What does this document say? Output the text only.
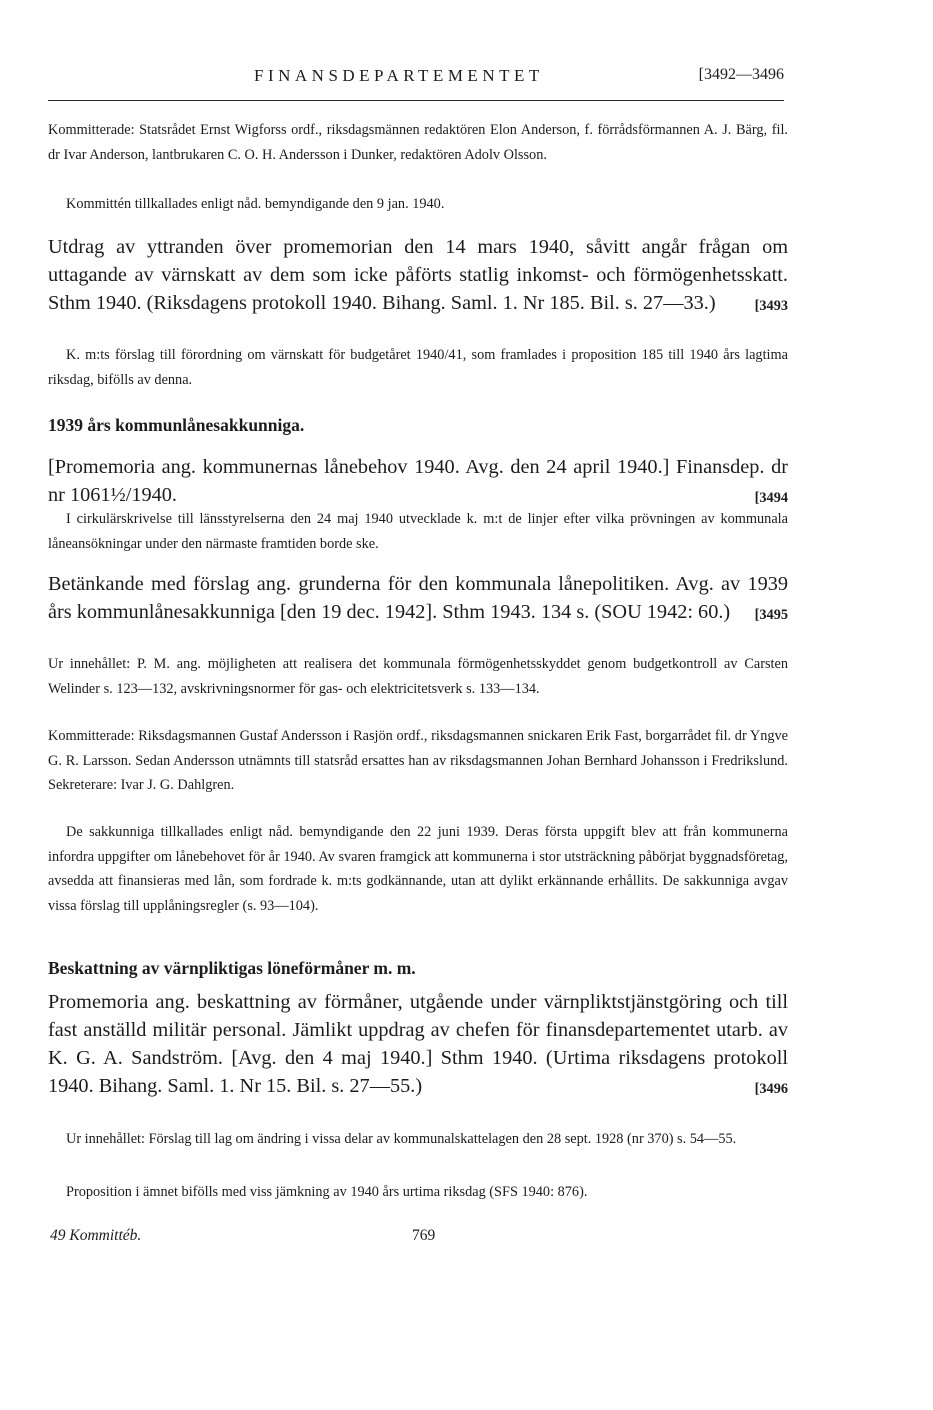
FINANSDEPARTEMENTET	[3492—3496

Kommitterade: Statsrådet Ernst Wigforss ordf., riksdagsmännen redaktören Elon Anderson, f. förrådsförmannen A. J. Bärg, fil. dr Ivar Anderson, lantbrukaren C. O. H. Andersson i Dunker, redaktören Adolv Olsson.

Kommittén tillkallades enligt nåd. bemyndigande den 9 jan. 1940.

Utdrag av yttranden över promemorian den 14 mars 1940, såvitt angår frågan om uttagande av värnskatt av dem som icke påförts statlig inkomst- och förmögenhetsskatt. Sthm 1940. (Riksdagens protokoll 1940. Bihang. Saml. 1. Nr 185. Bil. s. 27—33.)	[3493

K. m:ts förslag till förordning om värnskatt för budgetåret 1940/41, som framlades i proposition 185 till 1940 års lagtima riksdag, bifölls av denna.

1939 års kommunlånesakkunniga.

[Promemoria ang. kommunernas lånebehov 1940. Avg. den 24 april 1940.] Finansdep. dr nr 1061½/1940.	[3494

I cirkulärskrivelse till länsstyrelserna den 24 maj 1940 utvecklade k. m:t de linjer efter vilka prövningen av kommunala låneansökningar under den närmaste framtiden borde ske.

Betänkande med förslag ang. grunderna för den kommunala lånepolitiken. Avg. av 1939 års kommunlånesakkunniga [den 19 dec. 1942]. Sthm 1943. 134 s. (SOU 1942: 60.) [3495

Ur innehållet: P. M. ang. möjligheten att realisera det kommunala förmögenhetsskyddet genom budgetkontroll av Carsten Welinder s. 123—132, avskrivningsnormer för gas- och elektricitetsverk s. 133—134.

Kommitterade: Riksdagsmannen Gustaf Andersson i Rasjön ordf., riksdagsmannen snickaren Erik Fast, borgarrådet fil. dr Yngve G. R. Larsson. Sedan Andersson utnämnts till statsråd ersattes han av riksdagsmannen Johan Bernhard Johansson i Fredrikslund. Sekreterare: Ivar J. G. Dahlgren.

De sakkunniga tillkallades enligt nåd. bemyndigande den 22 juni 1939. Deras första uppgift blev att från kommunerna infordra uppgifter om lånebehovet för år 1940. Av svaren framgick att kommunerna i stor utsträckning påbörjat byggnadsföretag, avsedda att finansieras med lån, som fordrade k. m:ts godkännande, utan att dylikt erkännande erhållits. De sakkunniga avgav vissa förslag till upplåningsregler (s. 93—104).

Beskattning av värnpliktigas löneförmåner m. m.

Promemoria ang. beskattning av förmåner, utgående under värnpliktstjänstgöring och till fast anställd militär personal. Jämlikt uppdrag av chefen för finansdepartementet utarb. av K. G. A. Sandström. [Avg. den 4 maj 1940.] Sthm 1940. (Urtima riksdagens protokoll 1940. Bihang. Saml. 1. Nr 15. Bil. s. 27—55.)	[3496

Ur innehållet: Förslag till lag om ändring i vissa delar av kommunalskattelagen den 28 sept. 1928 (nr 370) s. 54—55.

Proposition i ämnet bifölls med viss jämkning av 1940 års urtima riksdag (SFS 1940: 876).

49 Kommittéb.	769
